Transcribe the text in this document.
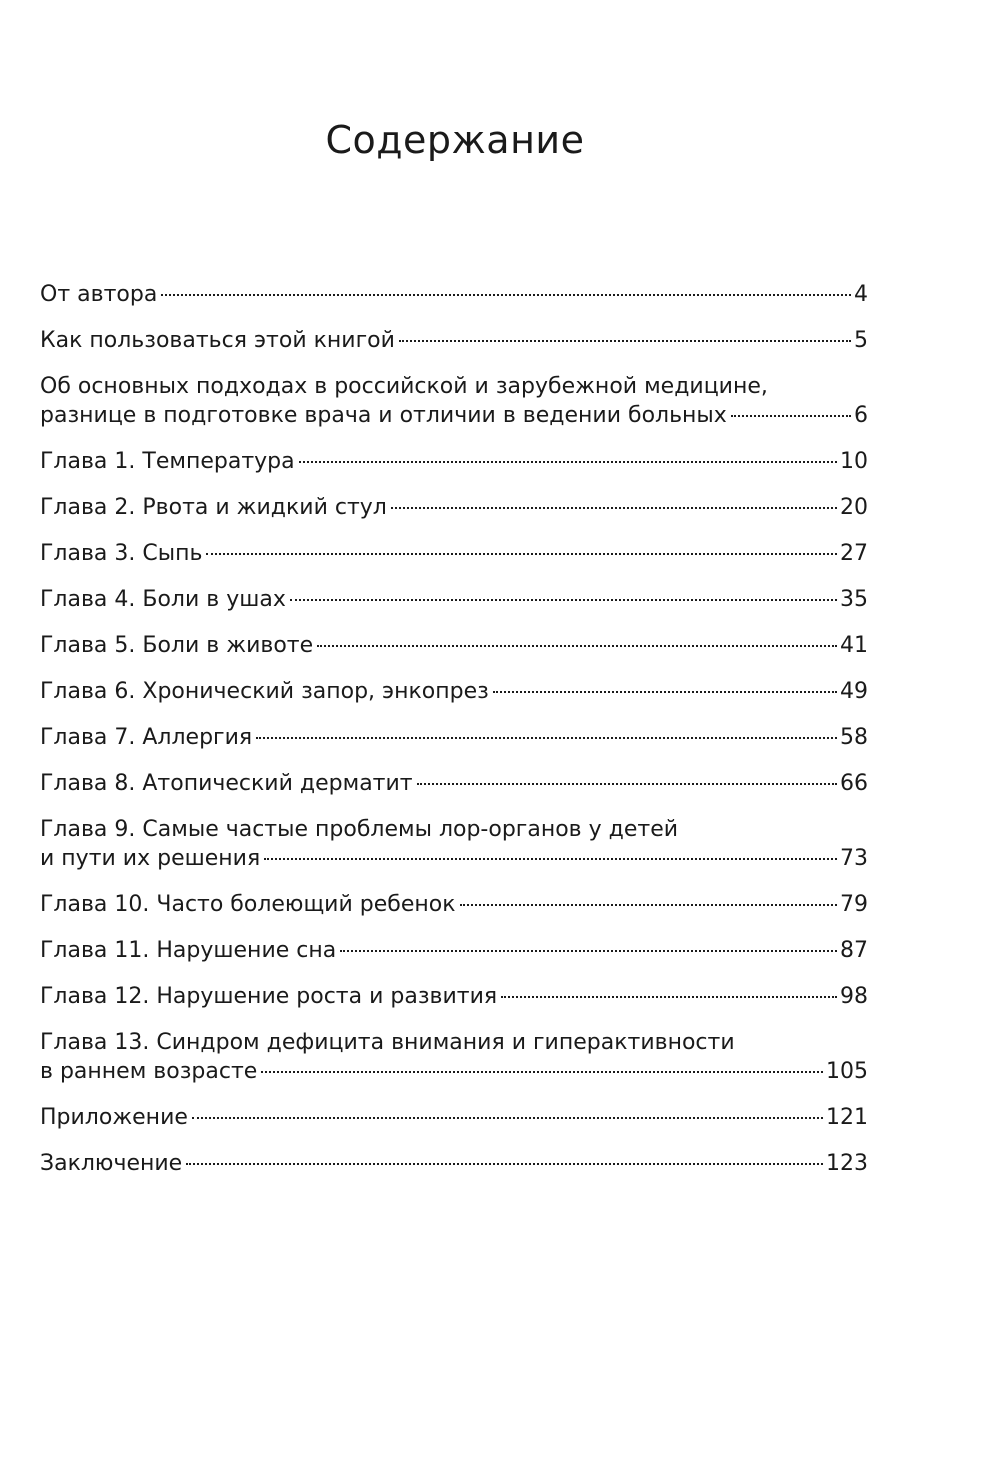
Содержание
От автора	4
Как пользоваться этой книгой	5
Об основных подходах в российской и зарубежной медицине,
разнице в подготовке врача и отличии в ведении больных	6
Глава 1. Температура	10
Глава 2. Рвота и жидкий стул	20
Глава 3. Сыпь	27
Глава 4. Боли в ушах	35
Глава 5. Боли в животе	41
Глава 6. Хронический запор, энкопрез	49
Глава 7. Аллергия	58
Глава 8. Атопический дерматит	66
Глава 9. Самые частые проблемы лор-органов у детей
и пути их решения	73
Глава 10. Часто болеющий ребенок	79
Глава 11. Нарушение сна	87
Глава 12. Нарушение роста и развития	98
Глава 13. Синдром дефицита внимания и гиперактивности
в раннем возрасте	105
Приложение	121
Заключение	123
